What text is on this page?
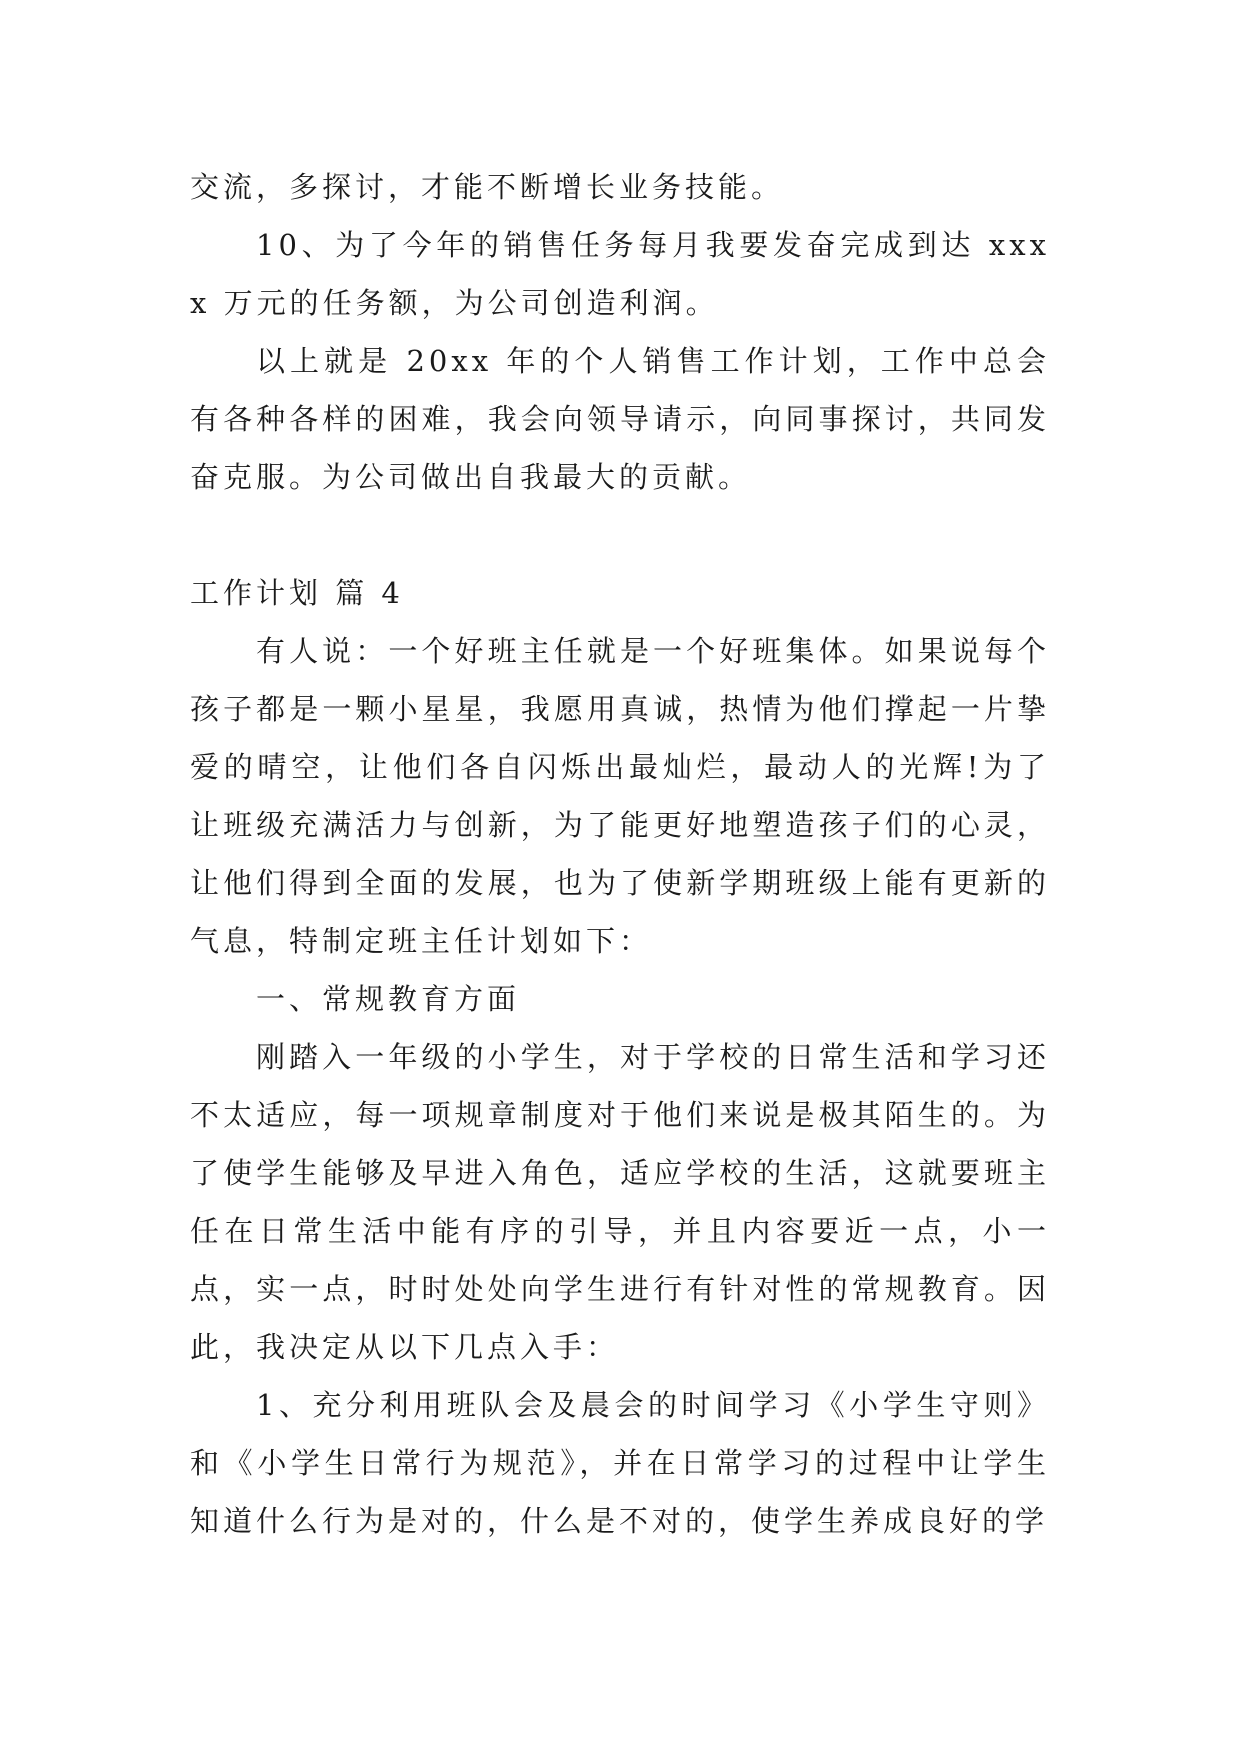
交流，多探讨，才能不断增长业务技能。

10、为了今年的销售任务每月我要发奋完成到达 xxxx 万元的任务额，为公司创造利润。

以上就是 20xx 年的个人销售工作计划，工作中总会有各种各样的困难，我会向领导请示，向同事探讨，共同发奋克服。为公司做出自我最大的贡献。

工作计划 篇 4

有人说：一个好班主任就是一个好班集体。如果说每个孩子都是一颗小星星，我愿用真诚，热情为他们撑起一片挚爱的晴空，让他们各自闪烁出最灿烂，最动人的光辉!为了让班级充满活力与创新，为了能更好地塑造孩子们的心灵，让他们得到全面的发展，也为了使新学期班级上能有更新的气息，特制定班主任计划如下：

一、常规教育方面

刚踏入一年级的小学生，对于学校的日常生活和学习还不太适应，每一项规章制度对于他们来说是极其陌生的。为了使学生能够及早进入角色，适应学校的生活，这就要班主任在日常生活中能有序的引导，并且内容要近一点，小一点，实一点，时时处处向学生进行有针对性的常规教育。因此，我决定从以下几点入手：

1、充分利用班队会及晨会的时间学习《小学生守则》和《小学生日常行为规范》，并在日常学习的过程中让学生知道什么行为是对的，什么是不对的，使学生养成良好的学
